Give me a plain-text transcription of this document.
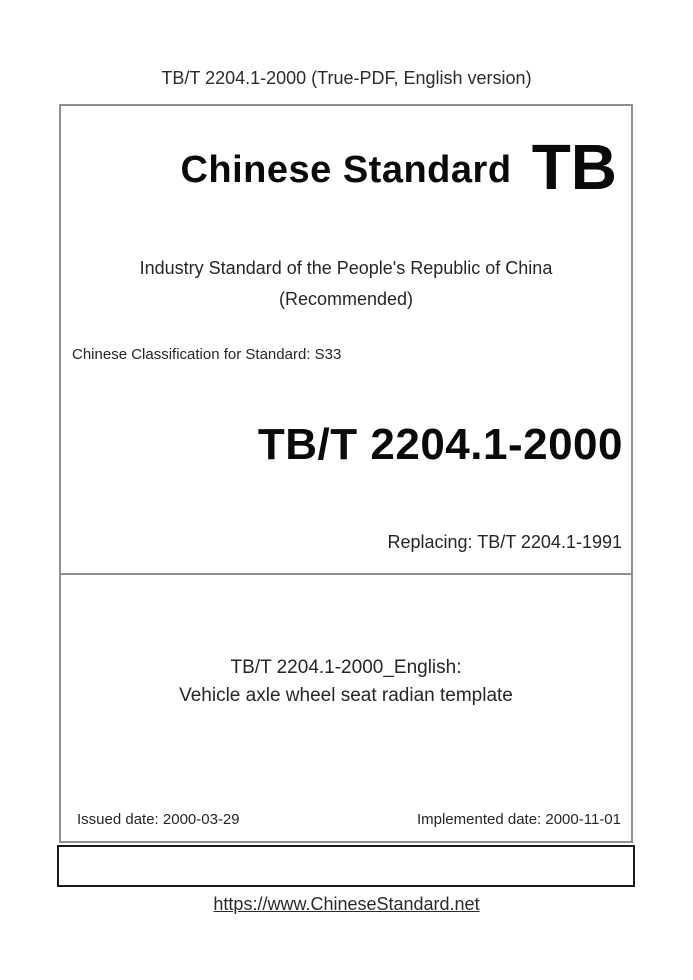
TB/T 2204.1-2000 (True-PDF, English version)
Chinese Standard TB
Industry Standard of the People's Republic of China
(Recommended)
Chinese Classification for Standard: S33
TB/T 2204.1-2000
Replacing: TB/T 2204.1-1991
TB/T 2204.1-2000_English:
Vehicle axle wheel seat radian template
Issued date: 2000-03-29	Implemented date: 2000-11-01
https://www.ChineseStandard.net
